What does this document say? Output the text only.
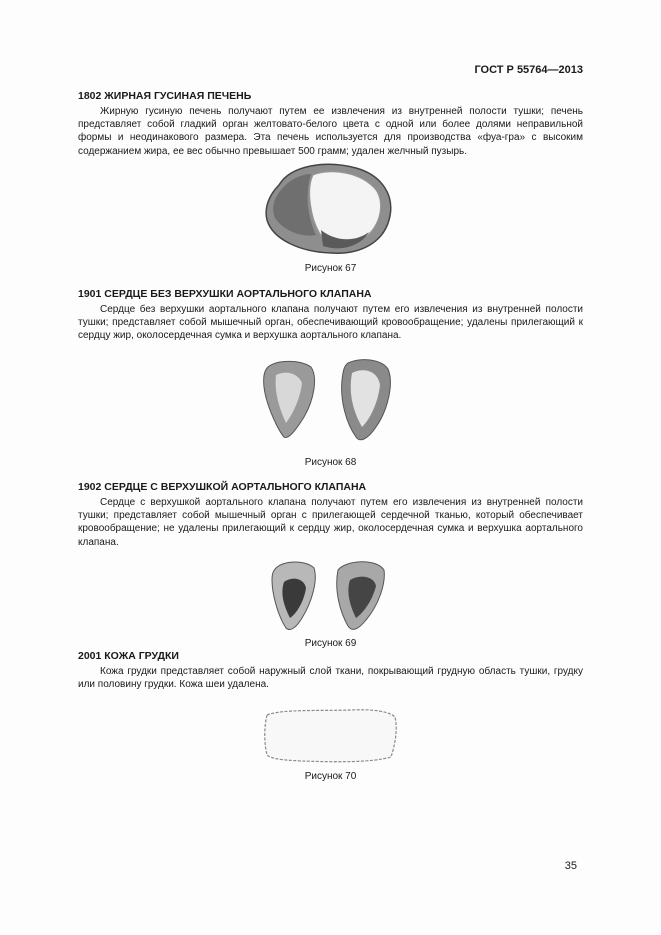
ГОСТ Р 55764—2013

1802 ЖИРНАЯ ГУСИНАЯ ПЕЧЕНЬ

Жирную гусиную печень получают путем ее извлечения из внутренней полости тушки; печень представляет собой гладкий орган желтовато-белого цвета с одной или более долями неправильной формы и неодинакового размера. Эта печень используется для производства «фуа-гра» с высоким содержанием жира, ее вес обычно превышает 500 грамм; удален желчный пузырь.

Рисунок 67

1901 СЕРДЦЕ БЕЗ ВЕРХУШКИ АОРТАЛЬНОГО КЛАПАНА

Сердце без верхушки аортального клапана получают путем его извлечения из внутренней полости тушки; представляет собой мышечный орган, обеспечивающий кровообращение; удалены прилегающий к сердцу жир, околосердечная сумка и верхушка аортального клапана.

Рисунок 68

1902 СЕРДЦЕ С ВЕРХУШКОЙ АОРТАЛЬНОГО КЛАПАНА

Сердце с верхушкой аортального клапана получают путем его извлечения из внутренней полости тушки; представляет собой мышечный орган с прилегающей сердечной тканью, который обеспечивает кровообращение; не удалены прилегающий к сердцу жир, околосердечная сумка и верхушка аортального клапана.

Рисунок 69

2001 КОЖА ГРУДКИ

Кожа грудки представляет собой наружный слой ткани, покрывающий грудную область тушки, грудку или половину грудки. Кожа шеи удалена.

Рисунок 70
35
